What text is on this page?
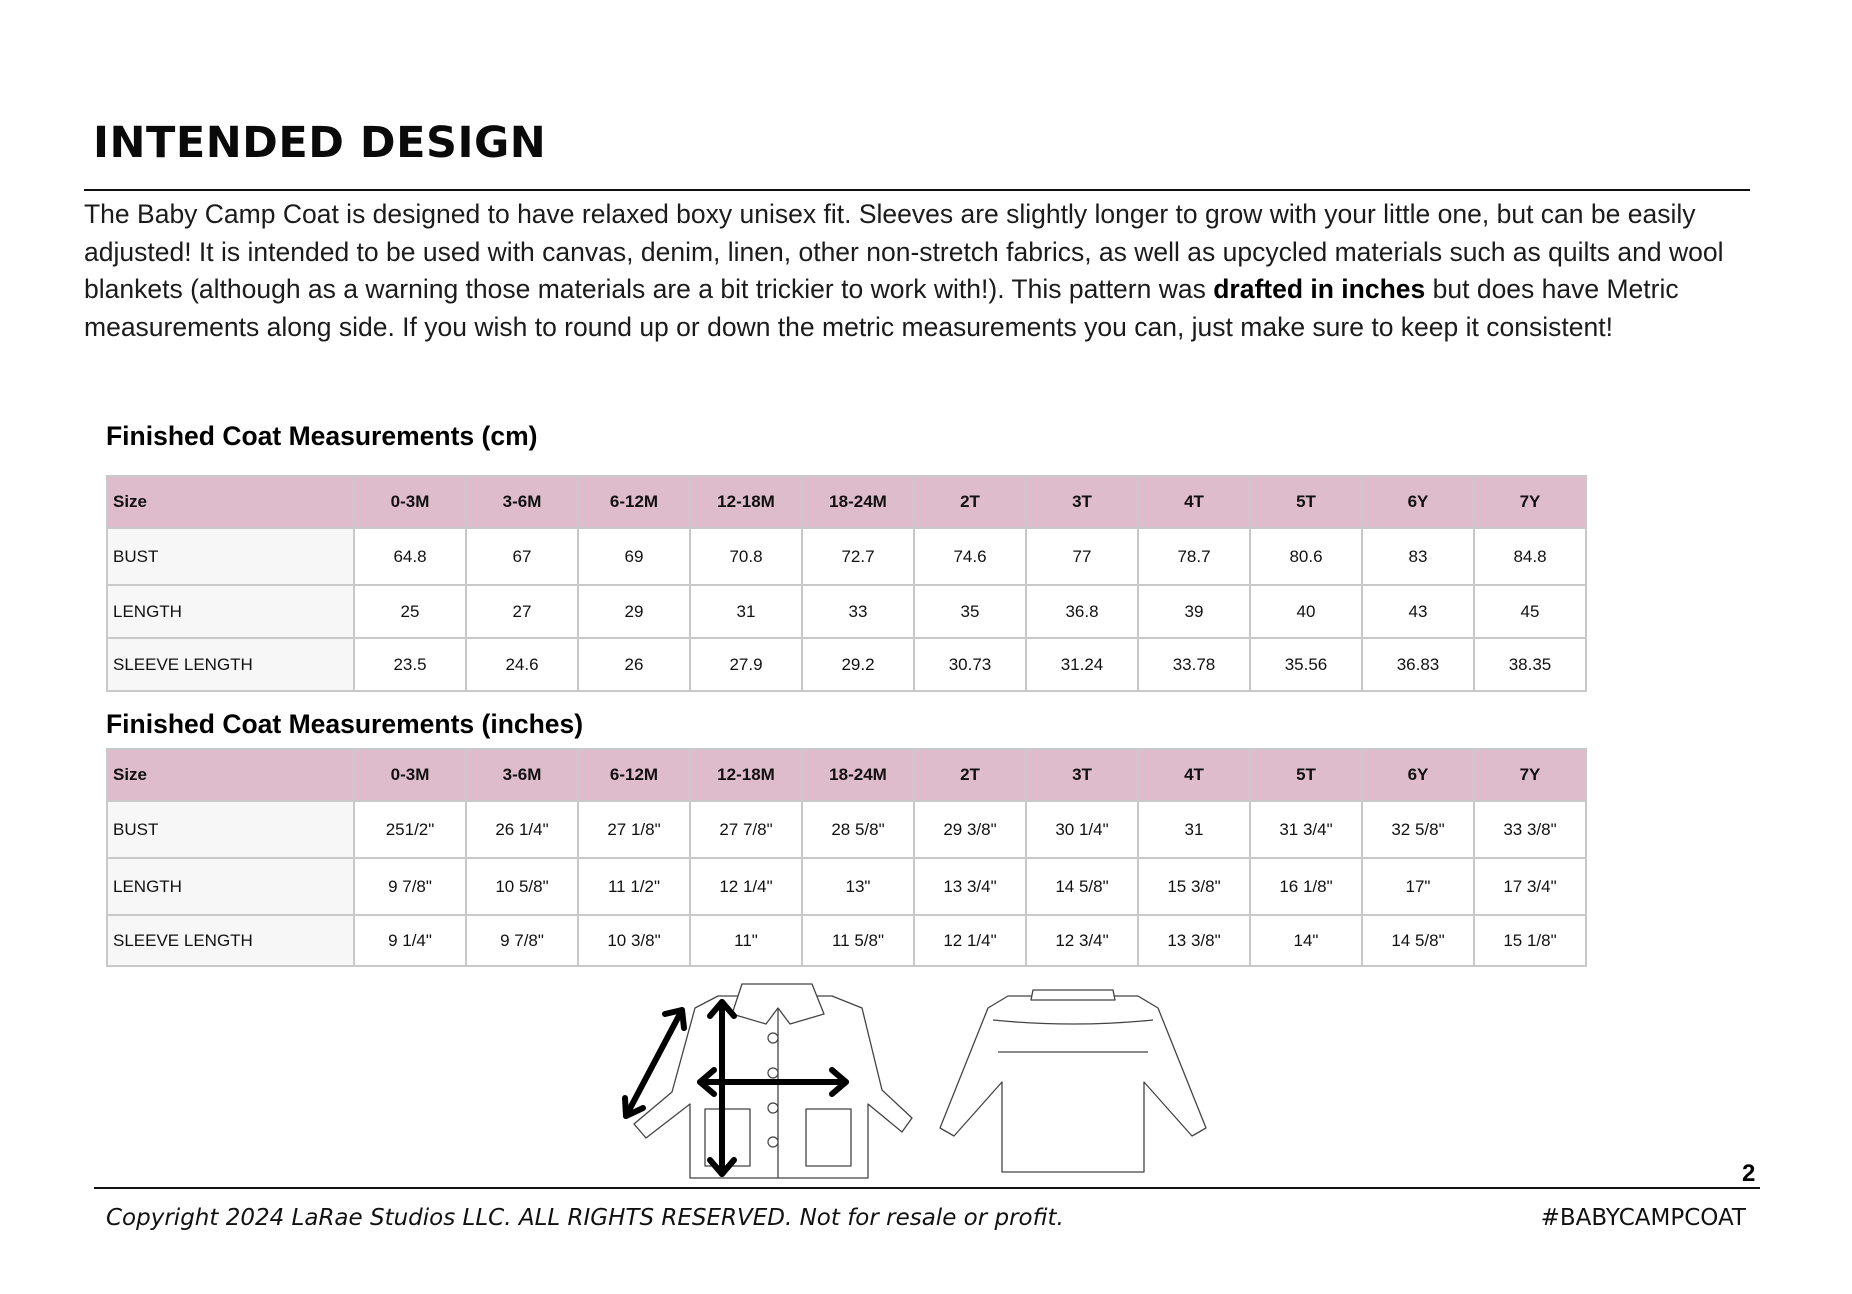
INTENDED DESIGN

The Baby Camp Coat is designed to have relaxed boxy unisex fit. Sleeves are slightly longer to grow with your little one, but can be easily adjusted! It is intended to be used with canvas, denim, linen, other non-stretch fabrics, as well as upcycled materials such as quilts and wool blankets (although as a warning those materials are a bit trickier to work with!). This pattern was drafted in inches but does have Metric measurements along side. If you wish to round up or down the metric measurements you can, just make sure to keep it consistent!

Finished Coat Measurements (cm)
Size	0-3M	3-6M	6-12M	12-18M	18-24M	2T	3T	4T	5T	6Y	7Y
BUST	64.8	67	69	70.8	72.7	74.6	77	78.7	80.6	83	84.8
LENGTH	25	27	29	31	33	35	36.8	39	40	43	45
SLEEVE LENGTH	23.5	24.6	26	27.9	29.2	30.73	31.24	33.78	35.56	36.83	38.35
Finished Coat Measurements (inches)
Size	0-3M	3-6M	6-12M	12-18M	18-24M	2T	3T	4T	5T	6Y	7Y
BUST	251/2"	26 1/4"	27 1/8"	27 7/8"	28 5/8"	29 3/8"	30 1/4"	31	31 3/4"	32 5/8"	33 3/8"
LENGTH	9 7/8"	10 5/8"	11 1/2"	12 1/4"	13"	13 3/4"	14 5/8"	15 3/8"	16 1/8"	17"	17 3/4"
SLEEVE LENGTH	9 1/4"	9 7/8"	10 3/8"	11"	11 5/8"	12 1/4"	12 3/4"	13 3/8"	14"	14 5/8"	15 1/8"
2
Copyright 2024 LaRae Studios LLC. ALL RIGHTS RESERVED. Not for resale or profit.	#BABYCAMPCOAT
